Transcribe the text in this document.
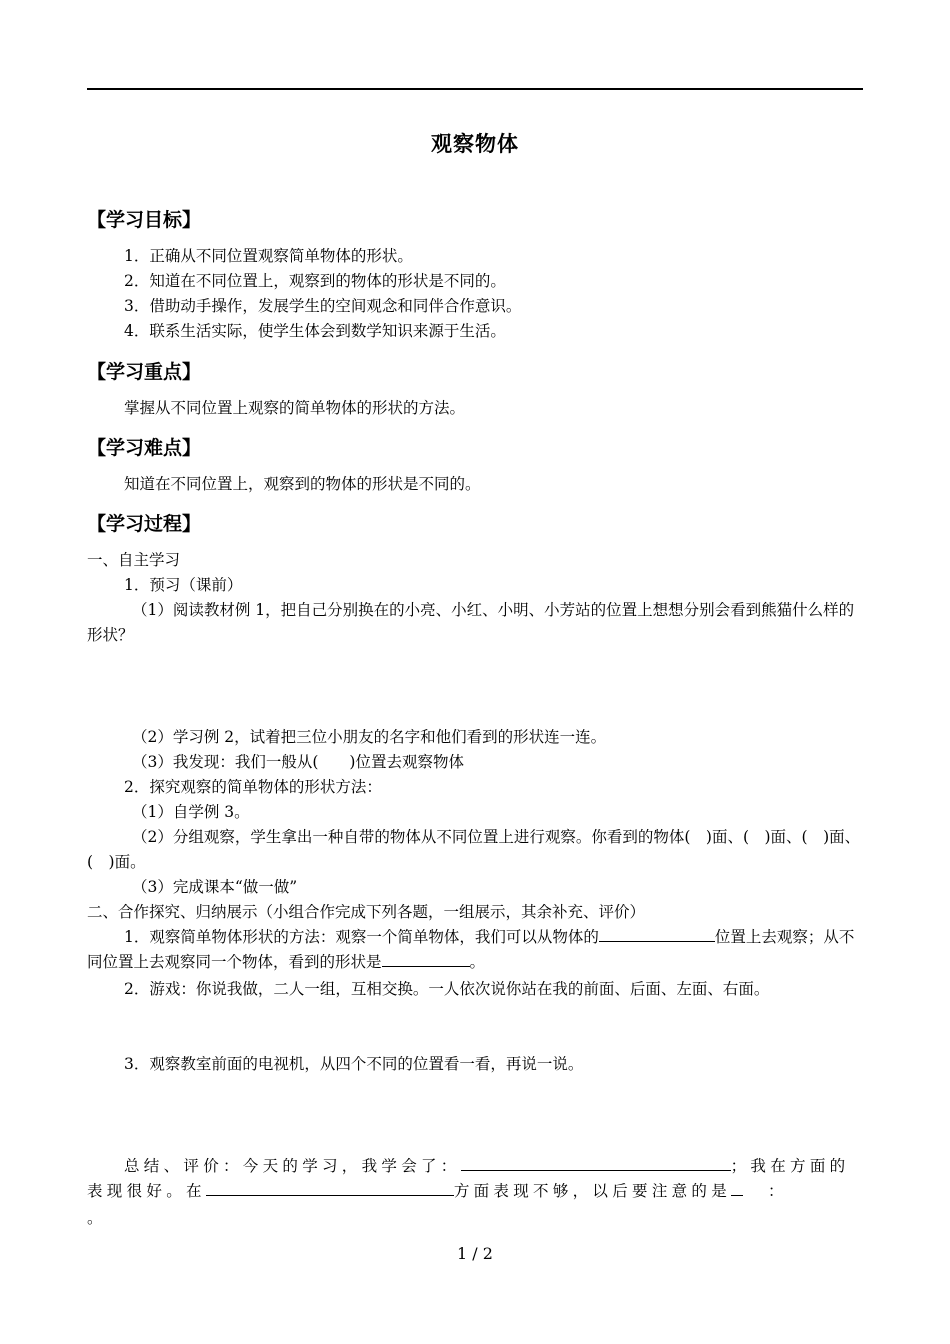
观察物体
【学习目标】
1．正确从不同位置观察简单物体的形状。
2．知道在不同位置上，观察到的物体的形状是不同的。
3．借助动手操作，发展学生的空间观念和同伴合作意识。
4．联系生活实际，使学生体会到数学知识来源于生活。
【学习重点】
掌握从不同位置上观察的简单物体的形状的方法。
【学习难点】
知道在不同位置上，观察到的物体的形状是不同的。
【学习过程】
一、自主学习
1．预习（课前）
（1）阅读教材例 1，把自己分别换在的小亮、小红、小明、小芳站的位置上想想分别会看到熊猫什么样的形状？
（2）学习例 2，试着把三位小朋友的名字和他们看到的形状连一连。
（3）我发现：我们一般从(　　)位置去观察物体
2．探究观察的简单物体的形状方法：
（1）自学例 3。
（2）分组观察，学生拿出一种自带的物体从不同位置上进行观察。你看到的物体(　)面、(　)面、(　)面、(　)面。
（3）完成课本“做一做”
二、合作探究、归纳展示（小组合作完成下列各题，一组展示，其余补充、评价）
1．观察简单物体形状的方法：观察一个简单物体，我们可以从物体的	位置上去观察；从不同位置上去观察同一个物体，看到的形状是	。
2．游戏：你说我做，二人一组，互相交换。一人依次说你站在我的前面、后面、左面、右面。
3．观察教室前面的电视机，从四个不同的位置看一看，再说一说。
总结、评价：今天的学习，我学会了：	；我在方面的表现很好。在	方面表现不够，以后要注意的是 ：
。
1 / 2
